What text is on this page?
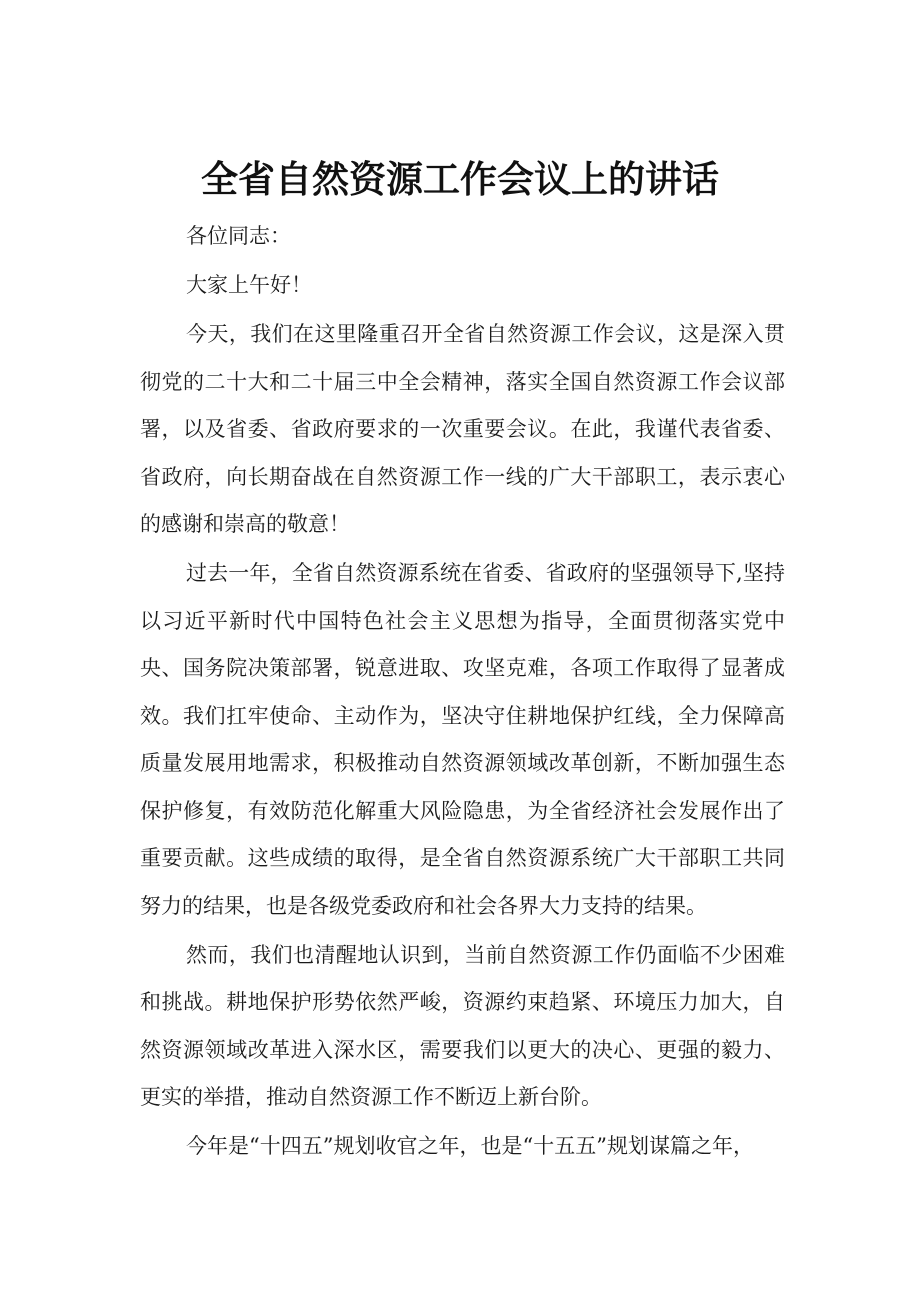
全省自然资源工作会议上的讲话

各位同志：

大家上午好！

今天，我们在这里隆重召开全省自然资源工作会议，这是深入贯彻党的二十大和二十届三中全会精神，落实全国自然资源工作会议部署，以及省委、省政府要求的一次重要会议。在此，我谨代表省委、省政府，向长期奋战在自然资源工作一线的广大干部职工，表示衷心的感谢和崇高的敬意！

过去一年，全省自然资源系统在省委、省政府的坚强领导下,坚持以习近平新时代中国特色社会主义思想为指导，全面贯彻落实党中央、国务院决策部署，锐意进取、攻坚克难，各项工作取得了显著成效。我们扛牢使命、主动作为，坚决守住耕地保护红线，全力保障高质量发展用地需求，积极推动自然资源领域改革创新，不断加强生态保护修复，有效防范化解重大风险隐患，为全省经济社会发展作出了重要贡献。这些成绩的取得，是全省自然资源系统广大干部职工共同努力的结果，也是各级党委政府和社会各界大力支持的结果。

然而，我们也清醒地认识到，当前自然资源工作仍面临不少困难和挑战。耕地保护形势依然严峻，资源约束趋紧、环境压力加大，自然资源领域改革进入深水区，需要我们以更大的决心、更强的毅力、更实的举措，推动自然资源工作不断迈上新台阶。

今年是“十四五”规划收官之年，也是“十五五”规划谋篇之年，
